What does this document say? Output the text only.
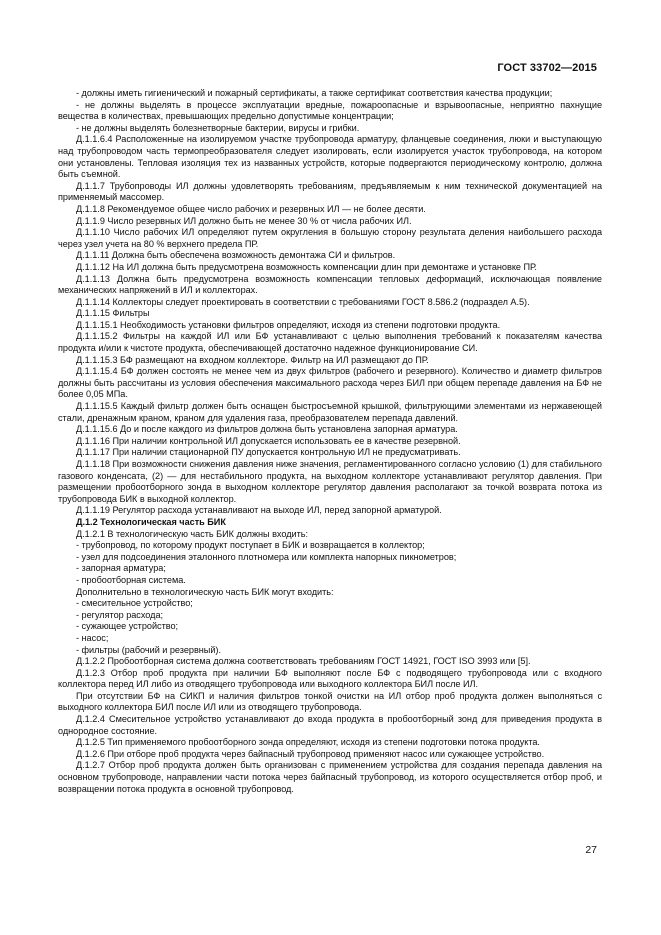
ГОСТ 33702—2015

- должны иметь гигиенический и пожарный сертификаты, а также сертификат соответствия качества продукции;

- не должны выделять в процессе эксплуатации вредные, пожароопасные и взрывоопасные, неприятно пахнущие вещества в количествах, превышающих предельно допустимые концентрации;

- не должны выделять болезнетворные бактерии, вирусы и грибки.

Д.1.1.6.4 Расположенные на изолируемом участке трубопровода арматуру, фланцевые соединения, люки и выступающую над трубопроводом часть термопреобразователя следует изолировать, если изолируется участок трубопровода, на котором они установлены. Тепловая изоляция тех из названных устройств, которые подвергаются периодическому контролю, должна быть съемной.

Д.1.1.7 Трубопроводы ИЛ должны удовлетворять требованиям, предъявляемым к ним технической документацией на применяемый массомер.

Д.1.1.8 Рекомендуемое общее число рабочих и резервных ИЛ — не более десяти.

Д.1.1.9 Число резервных ИЛ должно быть не менее 30 % от числа рабочих ИЛ.

Д.1.1.10 Число рабочих ИЛ определяют путем округления в большую сторону результата деления наибольшего расхода через узел учета на 80 % верхнего предела ПР.

Д.1.1.11 Должна быть обеспечена возможность демонтажа СИ и фильтров.

Д.1.1.12 На ИЛ должна быть предусмотрена возможность компенсации длин при демонтаже и установке ПР.

Д.1.1.13 Должна быть предусмотрена возможность компенсации тепловых деформаций, исключающая появление механических напряжений в ИЛ и коллекторах.

Д.1.1.14 Коллекторы следует проектировать в соответствии с требованиями ГОСТ 8.586.2 (подраздел А.5).

Д.1.1.15 Фильтры

Д.1.1.15.1 Необходимость установки фильтров определяют, исходя из степени подготовки продукта.

Д.1.1.15.2 Фильтры на каждой ИЛ или БФ устанавливают с целью выполнения требований к показателям качества продукта и/или к чистоте продукта, обеспечивающей достаточно надежное функционирование СИ.

Д.1.1.15.3 БФ размещают на входном коллекторе. Фильтр на ИЛ размещают до ПР.

Д.1.1.15.4 БФ должен состоять не менее чем из двух фильтров (рабочего и резервного). Количество и диаметр фильтров должны быть рассчитаны из условия обеспечения максимального расхода через БИЛ при общем перепаде давления на БФ не более 0,05 МПа.

Д.1.1.15.5 Каждый фильтр должен быть оснащен быстросъемной крышкой, фильтрующими элементами из нержавеющей стали, дренажным краном, краном для удаления газа, преобразователем перепада давлений.

Д.1.1.15.6 До и после каждого из фильтров должна быть установлена запорная арматура.

Д.1.1.16 При наличии контрольной ИЛ допускается использовать ее в качестве резервной.

Д.1.1.17 При наличии стационарной ПУ допускается контрольную ИЛ не предусматривать.

Д.1.1.18 При возможности снижения давления ниже значения, регламентированного согласно условию (1) для стабильного газового конденсата, (2) — для нестабильного продукта, на выходном коллекторе устанавливают регулятор давления. При размещении пробоотборного зонда в выходном коллекторе регулятор давления располагают за точкой возврата потока из трубопровода БИК в выходной коллектор.

Д.1.1.19 Регулятор расхода устанавливают на выходе ИЛ, перед запорной арматурой.

Д.1.2 Технологическая часть БИК

Д.1.2.1 В технологическую часть БИК должны входить:

- трубопровод, по которому продукт поступает в БИК и возвращается в коллектор;

- узел для подсоединения эталонного плотномера или комплекта напорных пикнометров;

- запорная арматура;

- пробоотборная система.

Дополнительно в технологическую часть БИК могут входить:

- смесительное устройство;

- регулятор расхода;

- сужающее устройство;

- насос;

- фильтры (рабочий и резервный).

Д.1.2.2 Пробоотборная система должна соответствовать требованиям ГОСТ 14921, ГОСТ ISO 3993 или [5].

Д.1.2.3 Отбор проб продукта при наличии БФ выполняют после БФ с подводящего трубопровода или с входного коллектора перед ИЛ либо из отводящего трубопровода или выходного коллектора БИЛ после ИЛ.

При отсутствии БФ на СИКП и наличия фильтров тонкой очистки на ИЛ отбор проб продукта должен выполняться с выходного коллектора БИЛ после ИЛ или из отводящего трубопровода.

Д.1.2.4 Смесительное устройство устанавливают до входа продукта в пробоотборный зонд для приведения продукта в однородное состояние.

Д.1.2.5 Тип применяемого пробоотборного зонда определяют, исходя из степени подготовки потока продукта.

Д.1.2.6 При отборе проб продукта через байпасный трубопровод применяют насос или сужающее устройство.

Д.1.2.7 Отбор проб продукта должен быть организован с применением устройства для создания перепада давления на основном трубопроводе, направлении части потока через байпасный трубопровод, из которого осуществляется отбор проб, и возвращении потока продукта в основной трубопровод.

27
